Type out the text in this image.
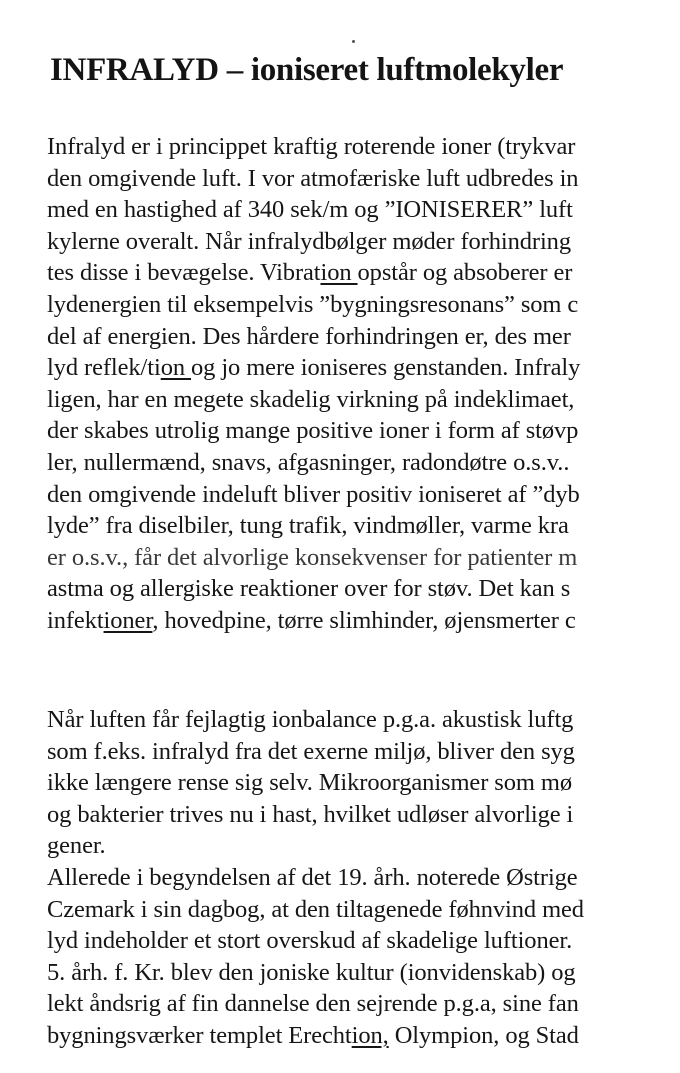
INFRALYD – ioniseret luftmolekyler
Infralyd er i princippet kraftig roterende ioner (trykvar
den omgivende luft. I vor atmofæriske luft udbredes in
med en hastighed af 340 sek/m og ”IONISERER” luft
kylerne overalt. Når infralydbølger møder forhindring
tes disse i bevægelse. Vibration opstår og absoberer er
lydenergien til eksempelvis ”bygningsresonans” som c
del af energien. Des hårdere forhindringen er, des mer
lyd reflek/tion og jo mere ioniseres genstanden. Infraly
ligen, har en megete skadelig virkning på indeklimaet,
der skabes utrolig mange positive ioner i form af støvp
ler, nullermænd, snavs, afgasninger, radondøtre o.s.v..
den omgivende indeluft bliver positiv ioniseret af ”dyb
lyde” fra diselbiler, tung trafik, vindmøller, varme kra
er o.s.v., får det alvorlige konsekvenser for patienter m
astma og allergiske reaktioner over for støv. Det kan s
infektioner, hovedpine, tørre slimhinder, øjensmerter c
Når luften får fejlagtig ionbalance p.g.a. akustisk luftg
som f.eks. infralyd fra det exerne miljø, bliver den syg
ikke længere rense sig selv. Mikroorganismer som mø
og bakterier trives nu i hast, hvilket udløser alvorlige i
gener.
Allerede i begyndelsen af det 19. årh. noterede Østrige
Czemark i sin dagbog, at den tiltagenede føhnvind med
lyd indeholder et stort overskud af skadelige luftioner.
5. årh. f. Kr. blev den joniske kultur (ionvidenskab) og
lekt åndsrig af fin dannelse den sejrende p.g.a, sine fan
bygningsværker templet Erechtion, Olympion, og Stad
